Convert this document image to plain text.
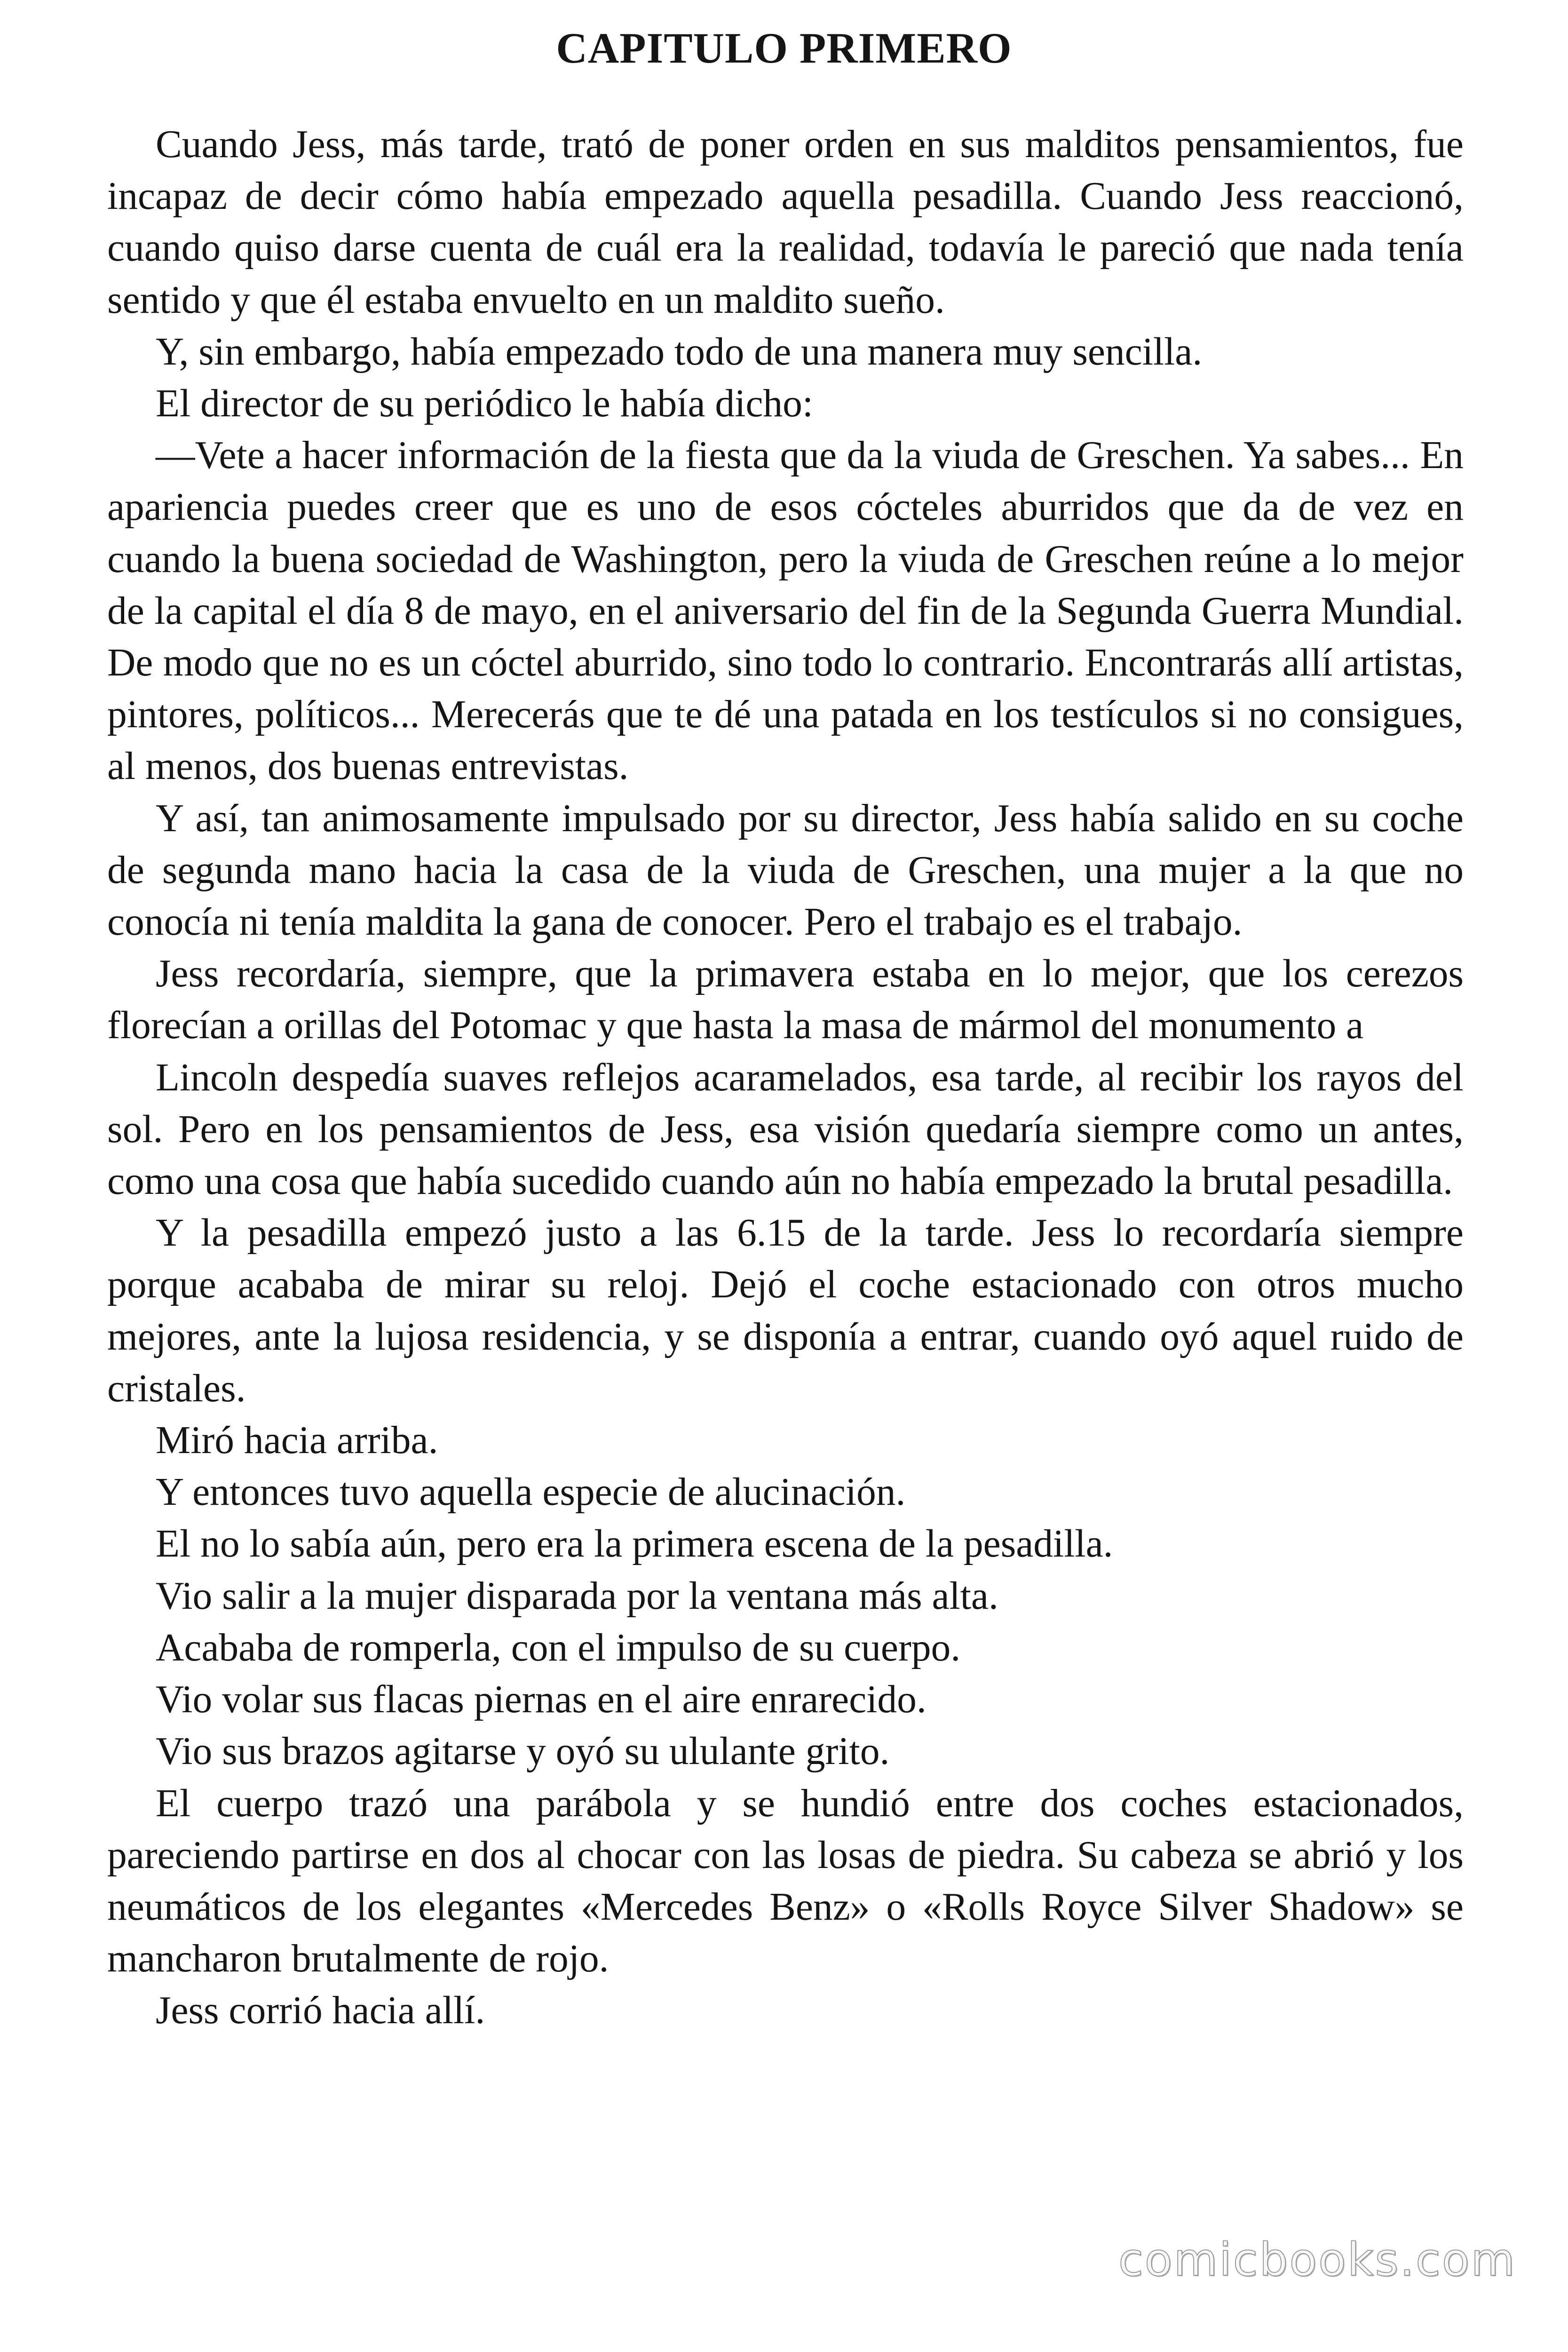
CAPITULO PRIMERO

Cuando Jess, más tarde, trató de poner orden en sus malditos pensamientos, fue incapaz de decir cómo había empezado aquella pesadilla. Cuando Jess reaccionó, cuando quiso darse cuenta de cuál era la realidad, todavía le pareció que nada tenía sentido y que él estaba envuelto en un maldito sueño.

Y, sin embargo, había empezado todo de una manera muy sencilla.

El director de su periódico le había dicho:

—Vete a hacer información de la fiesta que da la viuda de Greschen. Ya sabes... En apariencia puedes creer que es uno de esos cócteles aburridos que da de vez en cuando la buena sociedad de Washington, pero la viuda de Greschen reúne a lo mejor de la capital el día 8 de mayo, en el aniversario del fin de la Segunda Guerra Mundial. De modo que no es un cóctel aburrido, sino todo lo contrario. Encontrarás allí artistas, pintores, políticos... Merecerás que te dé una patada en los testículos si no consigues, al menos, dos buenas entrevistas.

Y así, tan animosamente impulsado por su director, Jess había salido en su coche de segunda mano hacia la casa de la viuda de Greschen, una mujer a la que no conocía ni tenía maldita la gana de conocer. Pero el trabajo es el trabajo.

Jess recordaría, siempre, que la primavera estaba en lo mejor, que los cerezos florecían a orillas del Potomac y que hasta la masa de mármol del monumento a

Lincoln despedía suaves reflejos acaramelados, esa tarde, al recibir los rayos del sol. Pero en los pensamientos de Jess, esa visión quedaría siempre como un antes, como una cosa que había sucedido cuando aún no había empezado la brutal pesadilla.

Y la pesadilla empezó justo a las 6.15 de la tarde. Jess lo recordaría siempre porque acababa de mirar su reloj. Dejó el coche estacionado con otros mucho mejores, ante la lujosa residencia, y se disponía a entrar, cuando oyó aquel ruido de cristales.

Miró hacia arriba.

Y entonces tuvo aquella especie de alucinación.

El no lo sabía aún, pero era la primera escena de la pesadilla.

Vio salir a la mujer disparada por la ventana más alta.

Acababa de romperla, con el impulso de su cuerpo.

Vio volar sus flacas piernas en el aire enrarecido.

Vio sus brazos agitarse y oyó su ululante grito.

El cuerpo trazó una parábola y se hundió entre dos coches estacionados, pareciendo partirse en dos al chocar con las losas de piedra. Su cabeza se abrió y los neumáticos de los elegantes «Mercedes Benz» o «Rolls Royce Silver Shadow» se mancharon brutalmente de rojo.

Jess corrió hacia allí.

comicbooks.com
